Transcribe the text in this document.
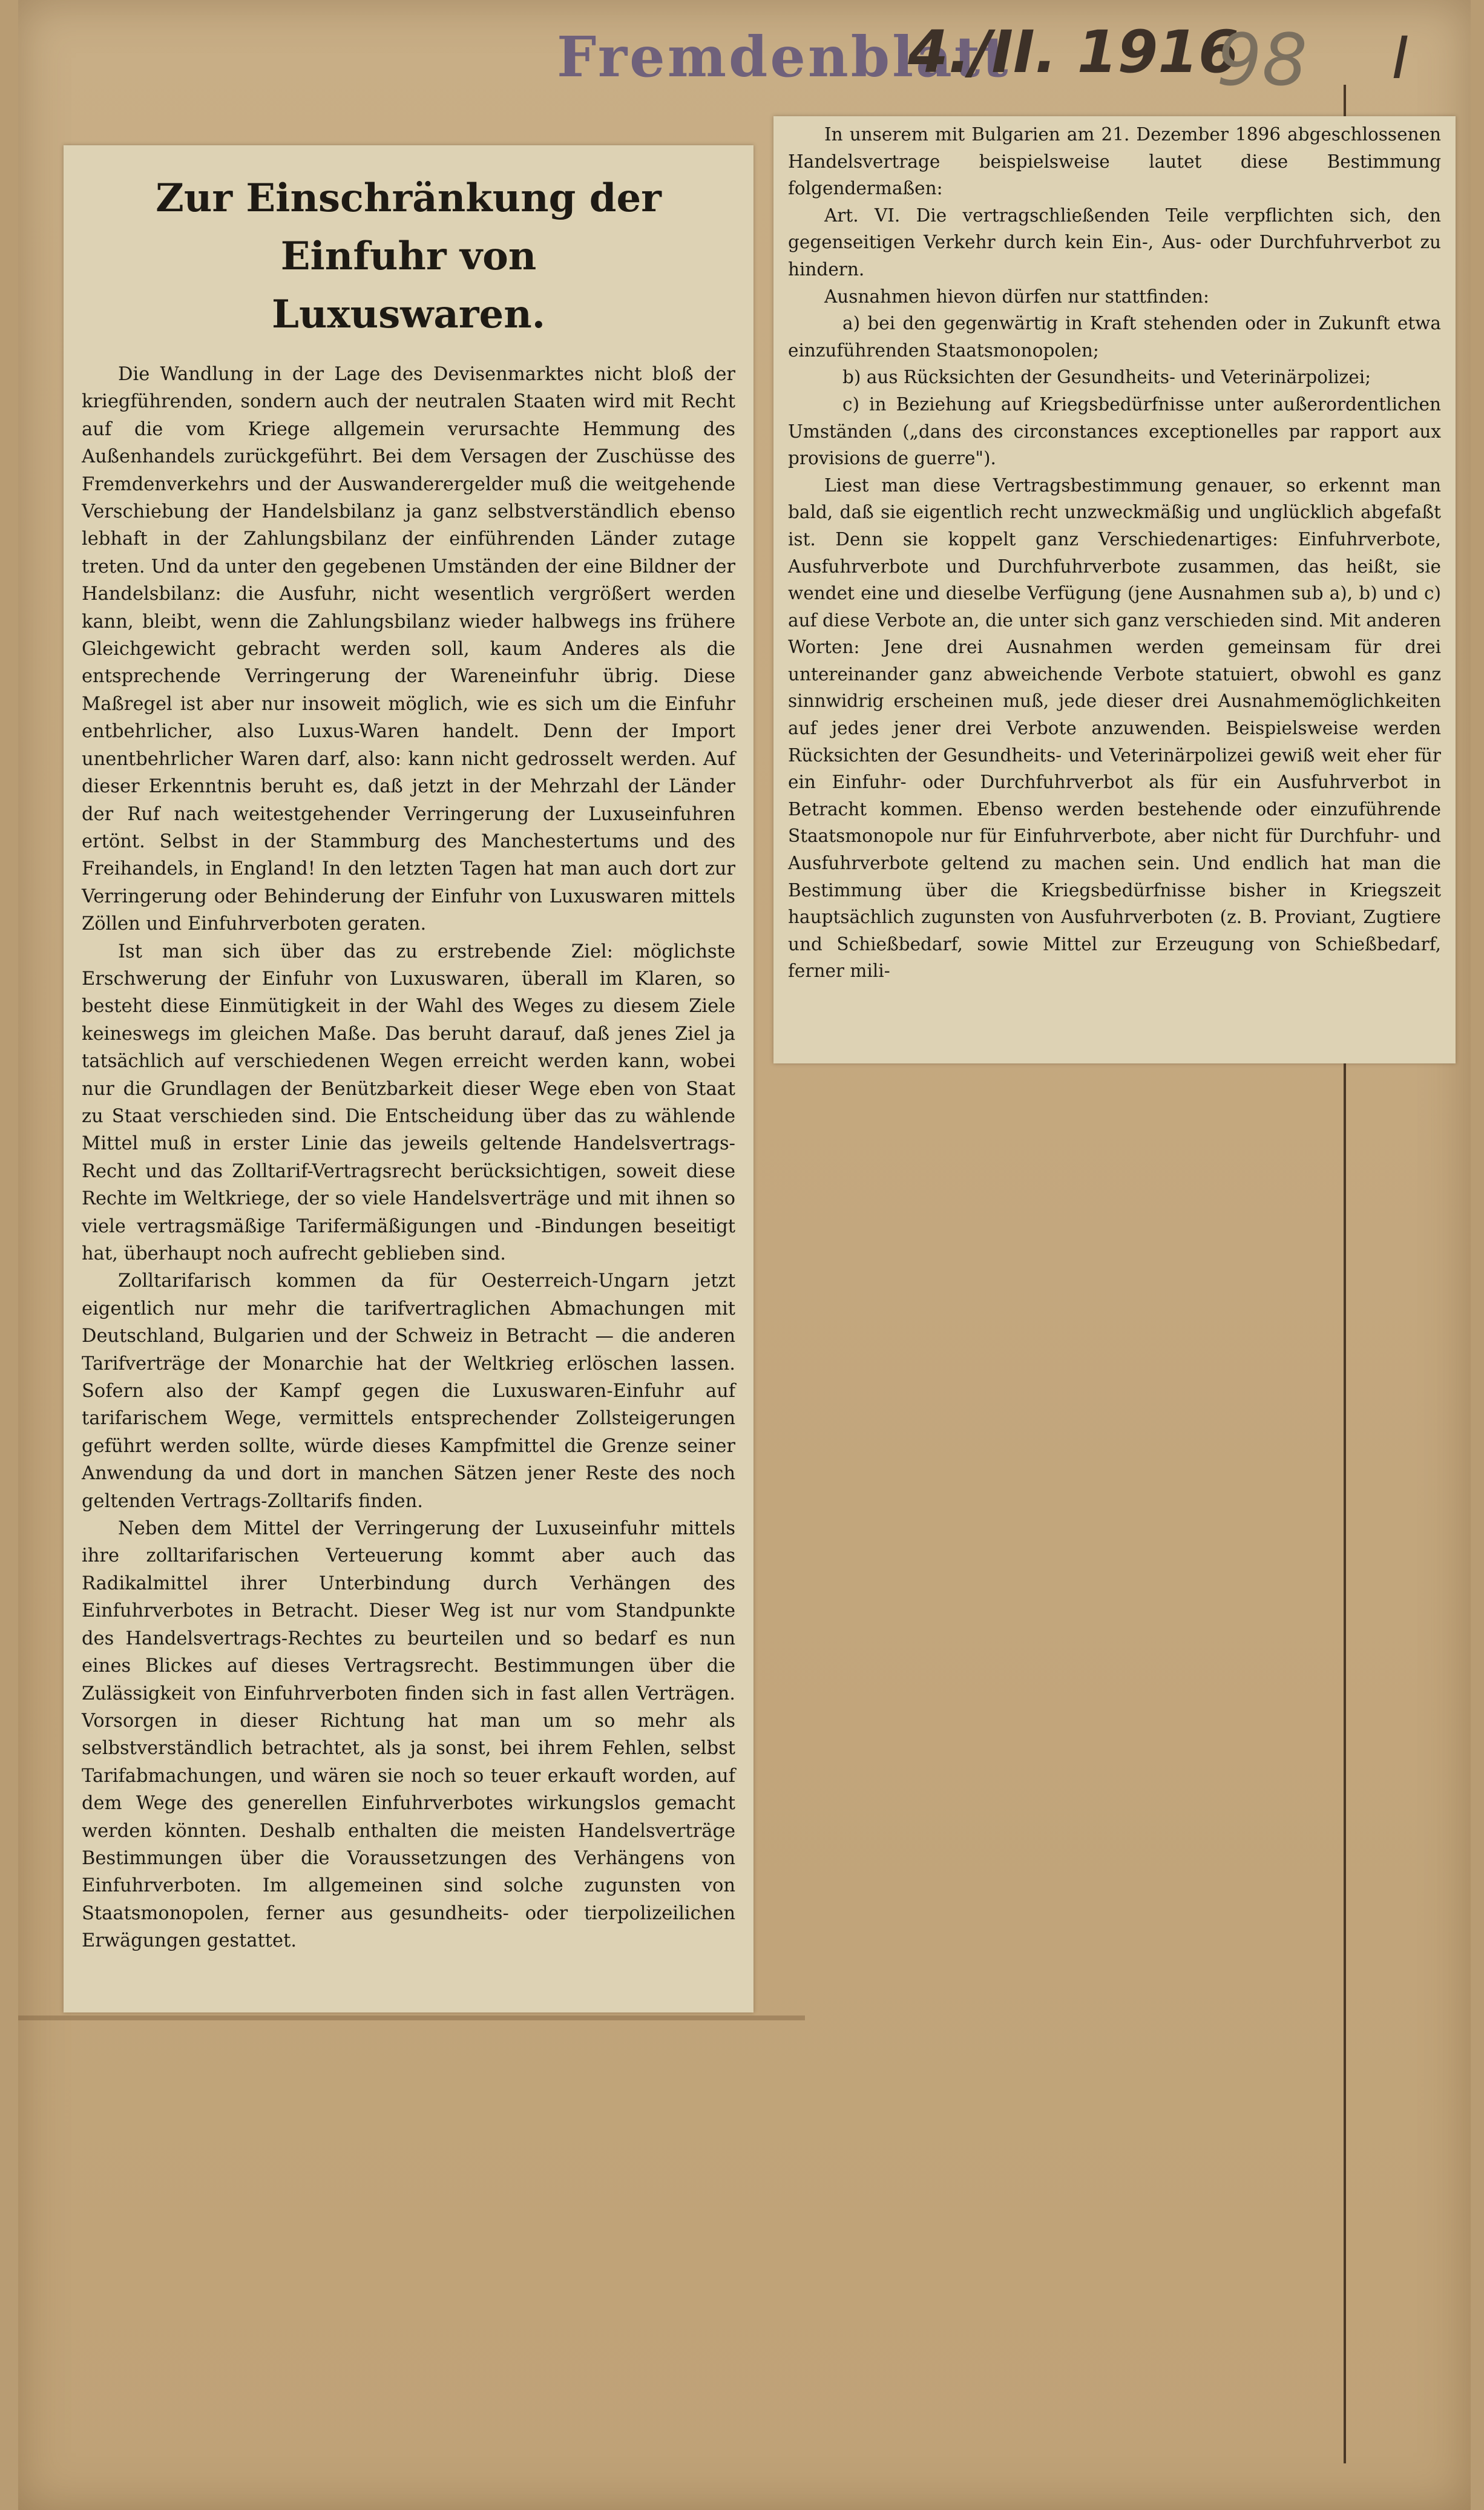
Fremdenblatt
4./II. 1916
98 I
Zur Einschränkung der Einfuhr von
Luxuswaren.

Die Wandlung in der Lage des Devisenmarktes nicht bloß der kriegführenden, sondern auch der neutralen Staaten wird mit Recht auf die vom Kriege allgemein verursachte Hemmung des Außenhandels zurückgeführt. Bei dem Versagen der Zuschüsse des Fremdenverkehrs und der Auswanderergelder muß die weitgehende Verschiebung der Handelsbilanz ja ganz selbstverständlich ebenso lebhaft in der Zahlungsbilanz der einführenden Länder zutage treten. Und da unter den gegebenen Umständen der eine Bildner der Handelsbilanz: die Ausfuhr, nicht wesentlich vergrößert werden kann, bleibt, wenn die Zahlungsbilanz wieder halbwegs ins frühere Gleichgewicht gebracht werden soll, kaum Anderes als die entsprechende Verringerung der Wareneinfuhr übrig. Diese Maßregel ist aber nur insoweit möglich, wie es sich um die Einfuhr entbehrlicher, also Luxus-Waren handelt. Denn der Import unentbehrlicher Waren darf, also: kann nicht gedrosselt werden. Auf dieser Erkenntnis beruht es, daß jetzt in der Mehrzahl der Länder der Ruf nach weitestgehender Verringerung der Luxuseinfuhren ertönt. Selbst in der Stammburg des Manchestertums und des Freihandels, in England! In den letzten Tagen hat man auch dort zur Verringerung oder Behinderung der Einfuhr von Luxuswaren mittels Zöllen und Einfuhrverboten geraten.

Ist man sich über das zu erstrebende Ziel: möglichste Erschwerung der Einfuhr von Luxuswaren, überall im Klaren, so besteht diese Einmütigkeit in der Wahl des Weges zu diesem Ziele keineswegs im gleichen Maße. Das beruht darauf, daß jenes Ziel ja tatsächlich auf verschiedenen Wegen erreicht werden kann, wobei nur die Grundlagen der Benützbarkeit dieser Wege eben von Staat zu Staat verschieden sind. Die Entscheidung über das zu wählende Mittel muß in erster Linie das jeweils geltende Handelsvertrags-Recht und das Zolltarif-Vertragsrecht berücksichtigen, soweit diese Rechte im Weltkriege, der so viele Handelsverträge und mit ihnen so viele vertragsmäßige Tarifermäßigungen und -Bindungen beseitigt hat, überhaupt noch aufrecht geblieben sind.

Zolltarifarisch kommen da für Oesterreich-Ungarn jetzt eigentlich nur mehr die tarifvertraglichen Abmachungen mit Deutschland, Bulgarien und der Schweiz in Betracht — die anderen Tarifverträge der Monarchie hat der Weltkrieg erlöschen lassen. Sofern also der Kampf gegen die Luxuswaren-Einfuhr auf tarifarischem Wege, vermittels entsprechender Zollsteigerungen geführt werden sollte, würde dieses Kampfmittel die Grenze seiner Anwendung da und dort in manchen Sätzen jener Reste des noch geltenden Vertrags-Zolltarifs finden.

Neben dem Mittel der Verringerung der Luxuseinfuhr mittels ihre zolltarifarischen Verteuerung kommt aber auch das Radikalmittel ihrer Unterbindung durch Verhängen des Einfuhrverbotes in Betracht. Dieser Weg ist nur vom Standpunkte des Handelsvertrags-Rechtes zu beurteilen und so bedarf es nun eines Blickes auf dieses Vertragsrecht. Bestimmungen über die Zulässigkeit von Einfuhrverboten finden sich in fast allen Verträgen. Vorsorgen in dieser Richtung hat man um so mehr als selbstverständlich betrachtet, als ja sonst, bei ihrem Fehlen, selbst Tarifabmachungen, und wären sie noch so teuer erkauft worden, auf dem Wege des generellen Einfuhrverbotes wirkungslos gemacht werden könnten. Deshalb enthalten die meisten Handelsverträge Bestimmungen über die Voraussetzungen des Verhängens von Einfuhrverboten. Im allgemeinen sind solche zugunsten von Staatsmonopolen, ferner aus gesundheits- oder tierpolizeilichen Erwägungen gestattet.

In unserem mit Bulgarien am 21. Dezember 1896 abgeschlossenen Handelsvertrage beispielsweise lautet diese Bestimmung folgendermaßen:

Art. VI. Die vertragschließenden Teile verpflichten sich, den gegenseitigen Verkehr durch kein Ein-, Aus- oder Durchfuhrverbot zu hindern.

Ausnahmen hievon dürfen nur stattfinden:

a) bei den gegenwärtig in Kraft stehenden oder in Zukunft etwa einzuführenden Staatsmonopolen;

b) aus Rücksichten der Gesundheits- und Veterinärpolizei;

c) in Beziehung auf Kriegsbedürfnisse unter außerordentlichen Umständen („dans des circonstances exceptionelles par rapport aux provisions de guerre").

Liest man diese Vertragsbestimmung genauer, so erkennt man bald, daß sie eigentlich recht unzweckmäßig und unglücklich abgefaßt ist. Denn sie koppelt ganz Verschiedenartiges: Einfuhrverbote, Ausfuhrverbote und Durchfuhrverbote zusammen, das heißt, sie wendet eine und dieselbe Verfügung (jene Ausnahmen sub a), b) und c) auf diese Verbote an, die unter sich ganz verschieden sind. Mit anderen Worten: Jene drei Ausnahmen werden gemeinsam für drei untereinander ganz abweichende Verbote statuiert, obwohl es ganz sinnwidrig erscheinen muß, jede dieser drei Ausnahmemöglichkeiten auf jedes jener drei Verbote anzuwenden. Beispielsweise werden Rücksichten der Gesundheits- und Veterinärpolizei gewiß weit eher für ein Einfuhr- oder Durchfuhrverbot als für ein Ausfuhrverbot in Betracht kommen. Ebenso werden bestehende oder einzuführende Staatsmonopole nur für Einfuhrverbote, aber nicht für Durchfuhr- und Ausfuhrverbote geltend zu machen sein. Und endlich hat man die Bestimmung über die Kriegsbedürfnisse bisher in Kriegszeit hauptsächlich zugunsten von Ausfuhrverboten (z. B. Proviant, Zugtiere und Schießbedarf, sowie Mittel zur Erzeugung von Schießbedarf, ferner mili-
